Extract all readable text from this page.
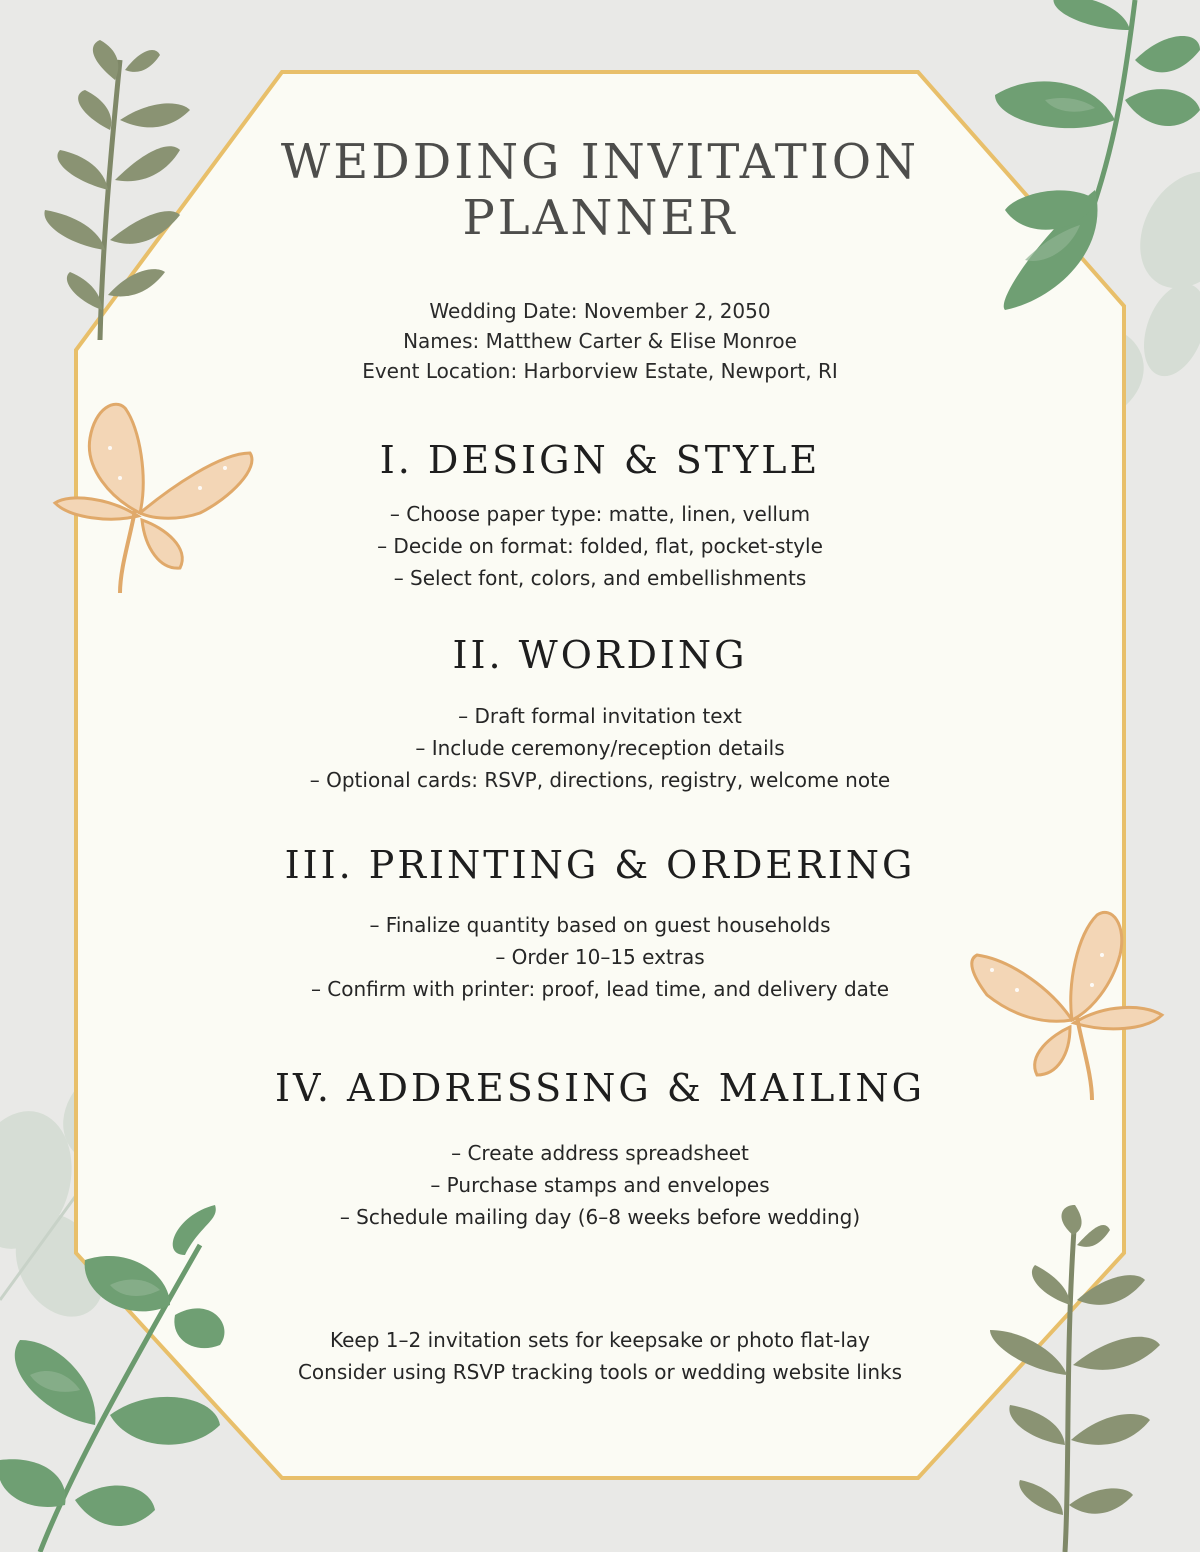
WEDDING INVITATION
PLANNER
Wedding Date: November 2, 2050
Names: Matthew Carter & Elise Monroe
Event Location: Harborview Estate, Newport, RI
I. DESIGN & STYLE
– Choose paper type: matte, linen, vellum
– Decide on format: folded, flat, pocket-style
– Select font, colors, and embellishments
II. WORDING
– Draft formal invitation text
– Include ceremony/reception details
– Optional cards: RSVP, directions, registry, welcome note
III. PRINTING & ORDERING
– Finalize quantity based on guest households
– Order 10–15 extras
– Confirm with printer: proof, lead time, and delivery date
IV. ADDRESSING & MAILING
– Create address spreadsheet
– Purchase stamps and envelopes
– Schedule mailing day (6–8 weeks before wedding)
Keep 1–2 invitation sets for keepsake or photo flat-lay
Consider using RSVP tracking tools or wedding website links
